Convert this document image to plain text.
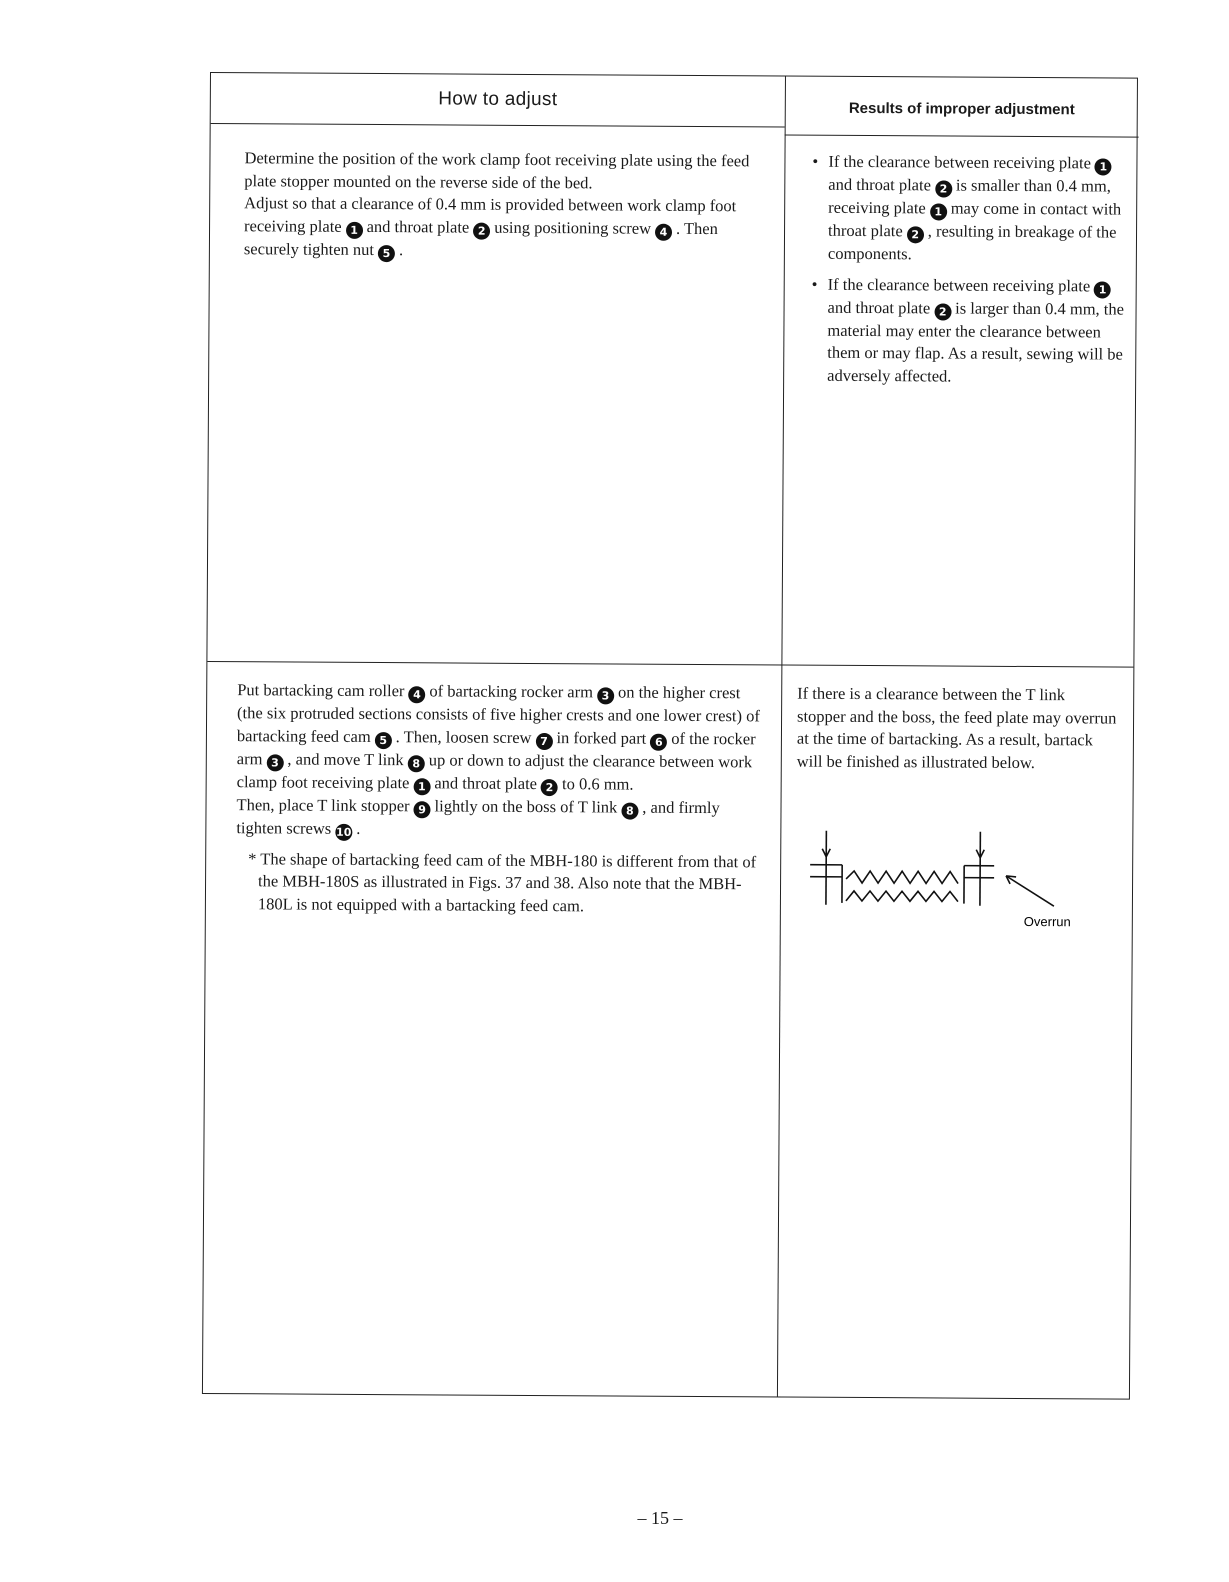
How to adjust	Results of improper adjustment

Determine the position of the work clamp foot receiving plate using the feed plate stopper mounted on the reverse side of the bed.

Adjust so that a clearance of 0.4 mm is provided between work clamp foot receiving plate 1 and throat plate 2 using positioning screw 4 . Then securely tighten nut 5 .

• If the clearance between receiving plate 1and throat plate 2 is smaller than 0.4 mm, receiving plate 1 may come in contact with throat plate 2 , resulting in breakage of the components.
• If the clearance between receiving plate 1and throat plate 2 is larger than 0.4 mm, the material may enter the clearance between them or may flap. As a result, sewing will be adversely affected.

Put bartacking cam roller 4 of bartacking rocker arm 3 on the higher crest (the six protruded sections consists of five higher crests and one lower crest) of bartacking feed cam 5 . Then, loosen screw 7 in forked part 6 of the rocker arm 3 , and move T link 8 up or down to adjust the clearance between work clamp foot receiving plate 1 and throat plate 2 to 0.6 mm.

Then, place T link stopper 9 lightly on the boss of T link 8 , and firmly tighten screws 10 .

* The shape of bartacking feed cam of the MBH-180 is different from that of the MBH-180S as illustrated in Figs. 37 and 38. Also note that the MBH-180L is not equipped with a bartacking feed cam.

If there is a clearance between the T link stopper and the boss, the feed plate may overrun at the time of bartacking. As a result, bartack will be finished as illustrated below.

Overrun
– 15 –
